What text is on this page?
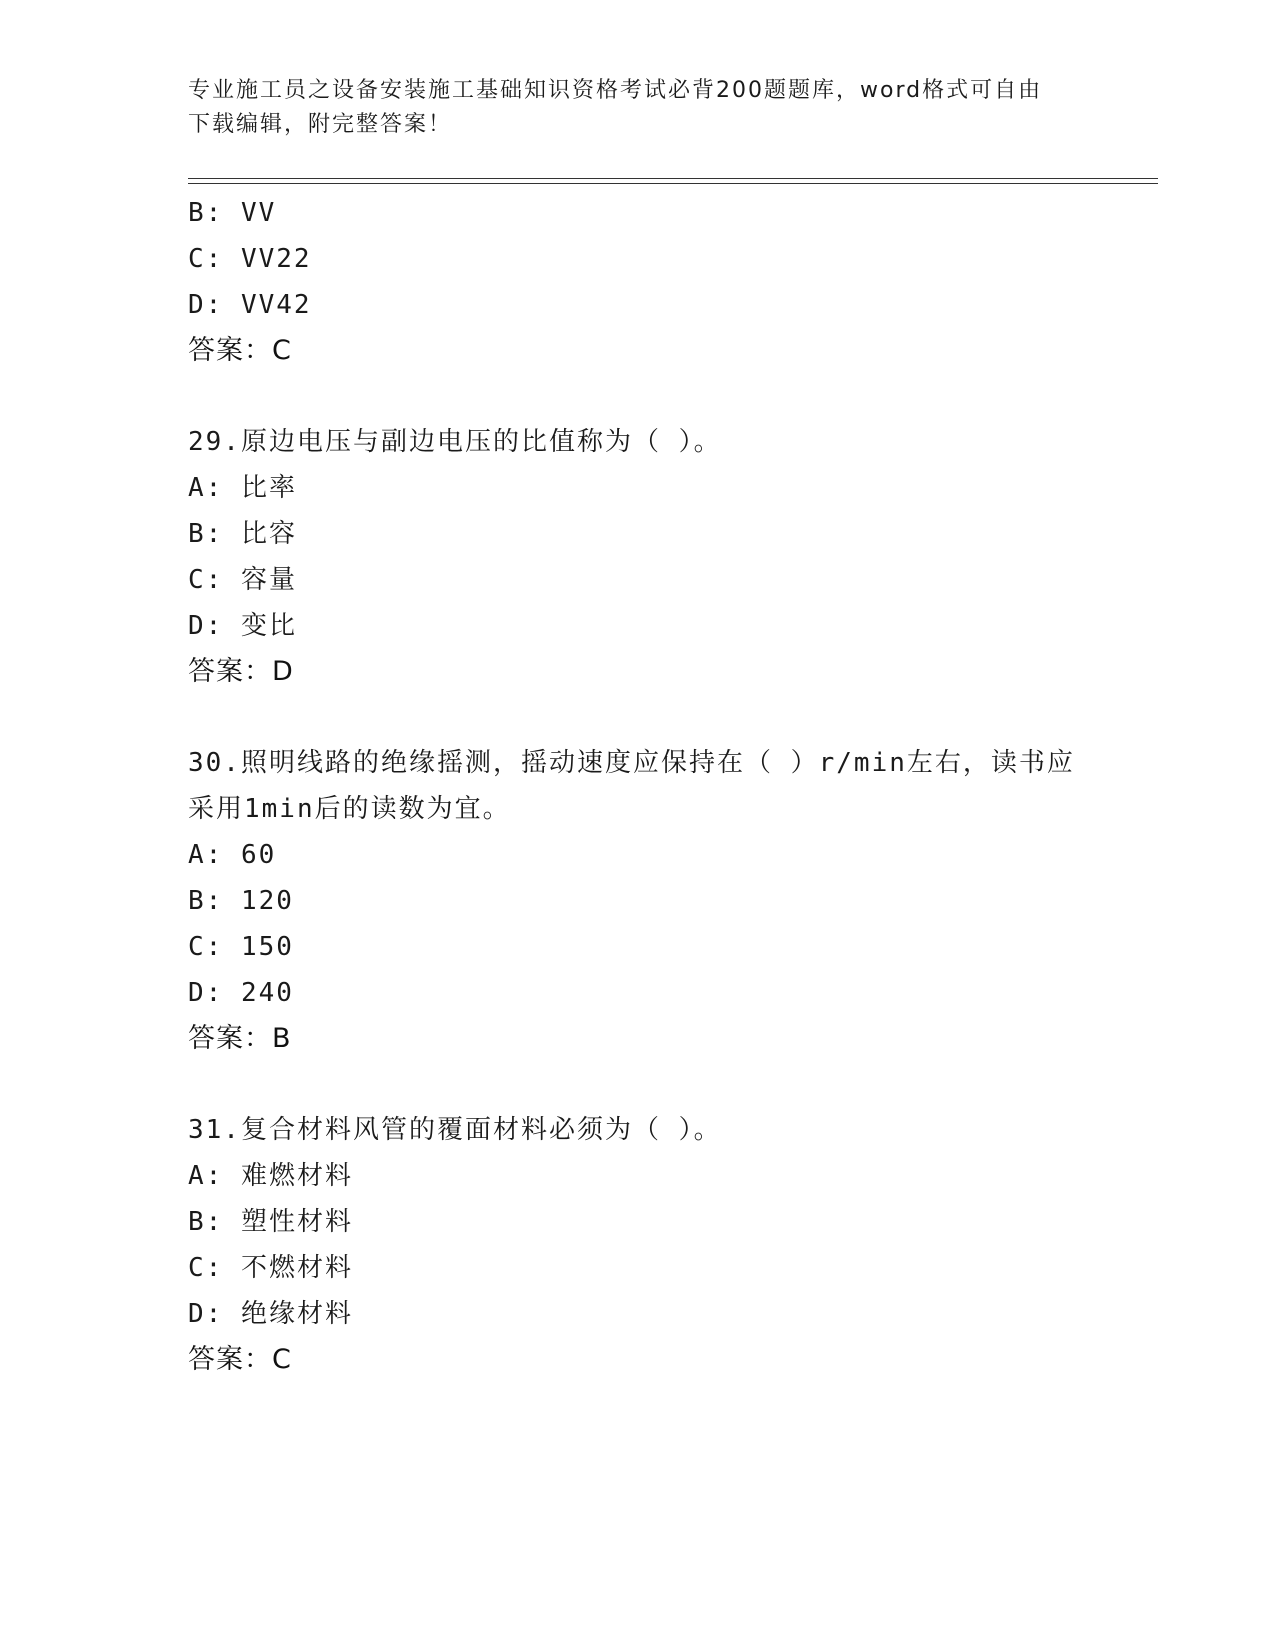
专业施工员之设备安装施工基础知识资格考试必背200题题库，word格式可自由
下载编辑，附完整答案！
B: VV
C: VV22
D: VV42
答案：C
29.原边电压与副边电压的比值称为（ ）。
A: 比率
B: 比容
C: 容量
D: 变比
答案：D
30.照明线路的绝缘摇测，摇动速度应保持在（ ）r/min左右，读书应
采用1min后的读数为宜。
A: 60
B: 120
C: 150
D: 240
答案：B
31.复合材料风管的覆面材料必须为（ ）。
A: 难燃材料
B: 塑性材料
C: 不燃材料
D: 绝缘材料
答案：C
